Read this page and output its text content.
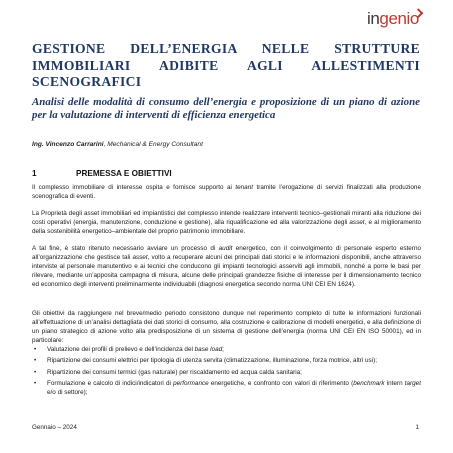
ingenio
GESTIONE DELL’ENERGIA NELLE STRUTTURE IMMOBILIARI ADIBITE AGLI ALLESTIMENTI SCENOGRAFICI

Analisi delle modalità di consumo dell’energia e proposizione di un piano di azione per la valutazione di interventi di efficienza energetica

Ing. Vincenzo Carrarini, Mechanical & Energy Consultant
1	PREMESSA E OBIETTIVI

Il complesso immobiliare di interesse ospita e fornisce supporto ai tenant tramite l’erogazione di servizi finalizzati alla produzione scenografica di eventi.

La Proprietà degli asset immobiliari ed impiantistici del complesso intende realizzare interventi tecnico–gestionali miranti alla riduzione dei costi operativi (energia, manutenzione, conduzione e gestione), alla riqualificazione ed alla valorizzazione degli asset, e al miglioramento della sostenibilità energetico–ambientale del proprio patrimonio immobiliare.

A tal fine, è stato ritenuto necessario avviare un processo di audit energetico, con il coinvolgimento di personale esperto esterno all’organizzazione che gestisce tali asset, volto a recuperare alcuni dei principali dati storici e le informazioni disponibili, anche attraverso interviste al personale manutentivo e ai tecnici che conducono gli impianti tecnologici asserviti agli immobili, nonché a porre le basi per rilevare, mediante un’apposita campagna di misura, alcune delle principali grandezze fisiche di interesse per il dimensionamento tecnico ed economico degli interventi preliminarmente individuabili (diagnosi energetica secondo norma UNI CEI EN 1624).

Gli obiettivi da raggiungere nel breve/medio periodo consistono dunque nel reperimento completo di tutte le informazioni funzionali all’effettuazione di un’analisi dettagliata dei dati storici di consumo, alla costruzione e calibrazione di modelli energetici, e alla definizione di un piano strategico di azione volto alla predisposizione di un sistema di gestione dell’energia (norma UNI CEI EN ISO 50001), ed in particolare:

• Valutazione dei profili di prelievo e dell’incidenza del base load;
• Ripartizione dei consumi elettrici per tipologia di utenza servita (climatizzazione, illuminazione, forza motrice, altri usi);
• Ripartizione dei consumi termici (gas naturale) per riscaldamento ed acqua calda sanitaria;
• Formulazione e calcolo di indici/indicatori di performance energetiche, e confronto con valori di riferimento (benchmark intern target e/o di settore);
Gennaio – 2024	1
